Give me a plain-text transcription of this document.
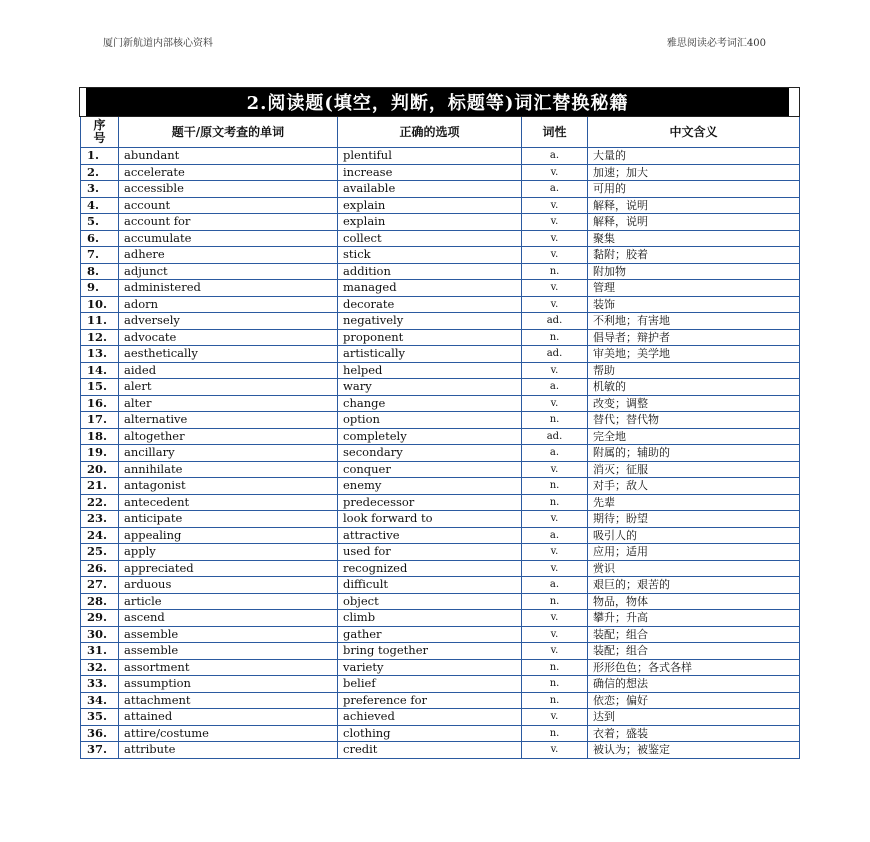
厦门新航道内部核心资料	雅思阅读必考词汇400
2.阅读题(填空，判断，标题等)词汇替换秘籍
序号	题干/原文考查的单词	正确的选项	词性	中文含义
1.	abundant	plentiful	a.	大量的
2.	accelerate	increase	v.	加速；加大
3.	accessible	available	a.	可用的
4.	account	explain	v.	解释，说明
5.	account for	explain	v.	解释，说明
6.	accumulate	collect	v.	聚集
7.	adhere	stick	v.	黏附；胶着
8.	adjunct	addition	n.	附加物
9.	administered	managed	v.	管理
10.	adorn	decorate	v.	装饰
11.	adversely	negatively	ad.	不利地；有害地
12.	advocate	proponent	n.	倡导者；辩护者
13.	aesthetically	artistically	ad.	审美地；美学地
14.	aided	helped	v.	帮助
15.	alert	wary	a.	机敏的
16.	alter	change	v.	改变；调整
17.	alternative	option	n.	替代；替代物
18.	altogether	completely	ad.	完全地
19.	ancillary	secondary	a.	附属的；辅助的
20.	annihilate	conquer	v.	消灭；征服
21.	antagonist	enemy	n.	对手；敌人
22.	antecedent	predecessor	n.	先辈
23.	anticipate	look forward to	v.	期待；盼望
24.	appealing	attractive	a.	吸引人的
25.	apply	used for	v.	应用；适用
26.	appreciated	recognized	v.	赏识
27.	arduous	difficult	a.	艰巨的；艰苦的
28.	article	object	n.	物品，物体
29.	ascend	climb	v.	攀升；升高
30.	assemble	gather	v.	装配；组合
31.	assemble	bring together	v.	装配；组合
32.	assortment	variety	n.	形形色色；各式各样
33.	assumption	belief	n.	确信的想法
34.	attachment	preference for	n.	依恋；偏好
35.	attained	achieved	v.	达到
36.	attire/costume	clothing	n.	衣着；盛装
37.	attribute	credit	v.	被认为；被鉴定
